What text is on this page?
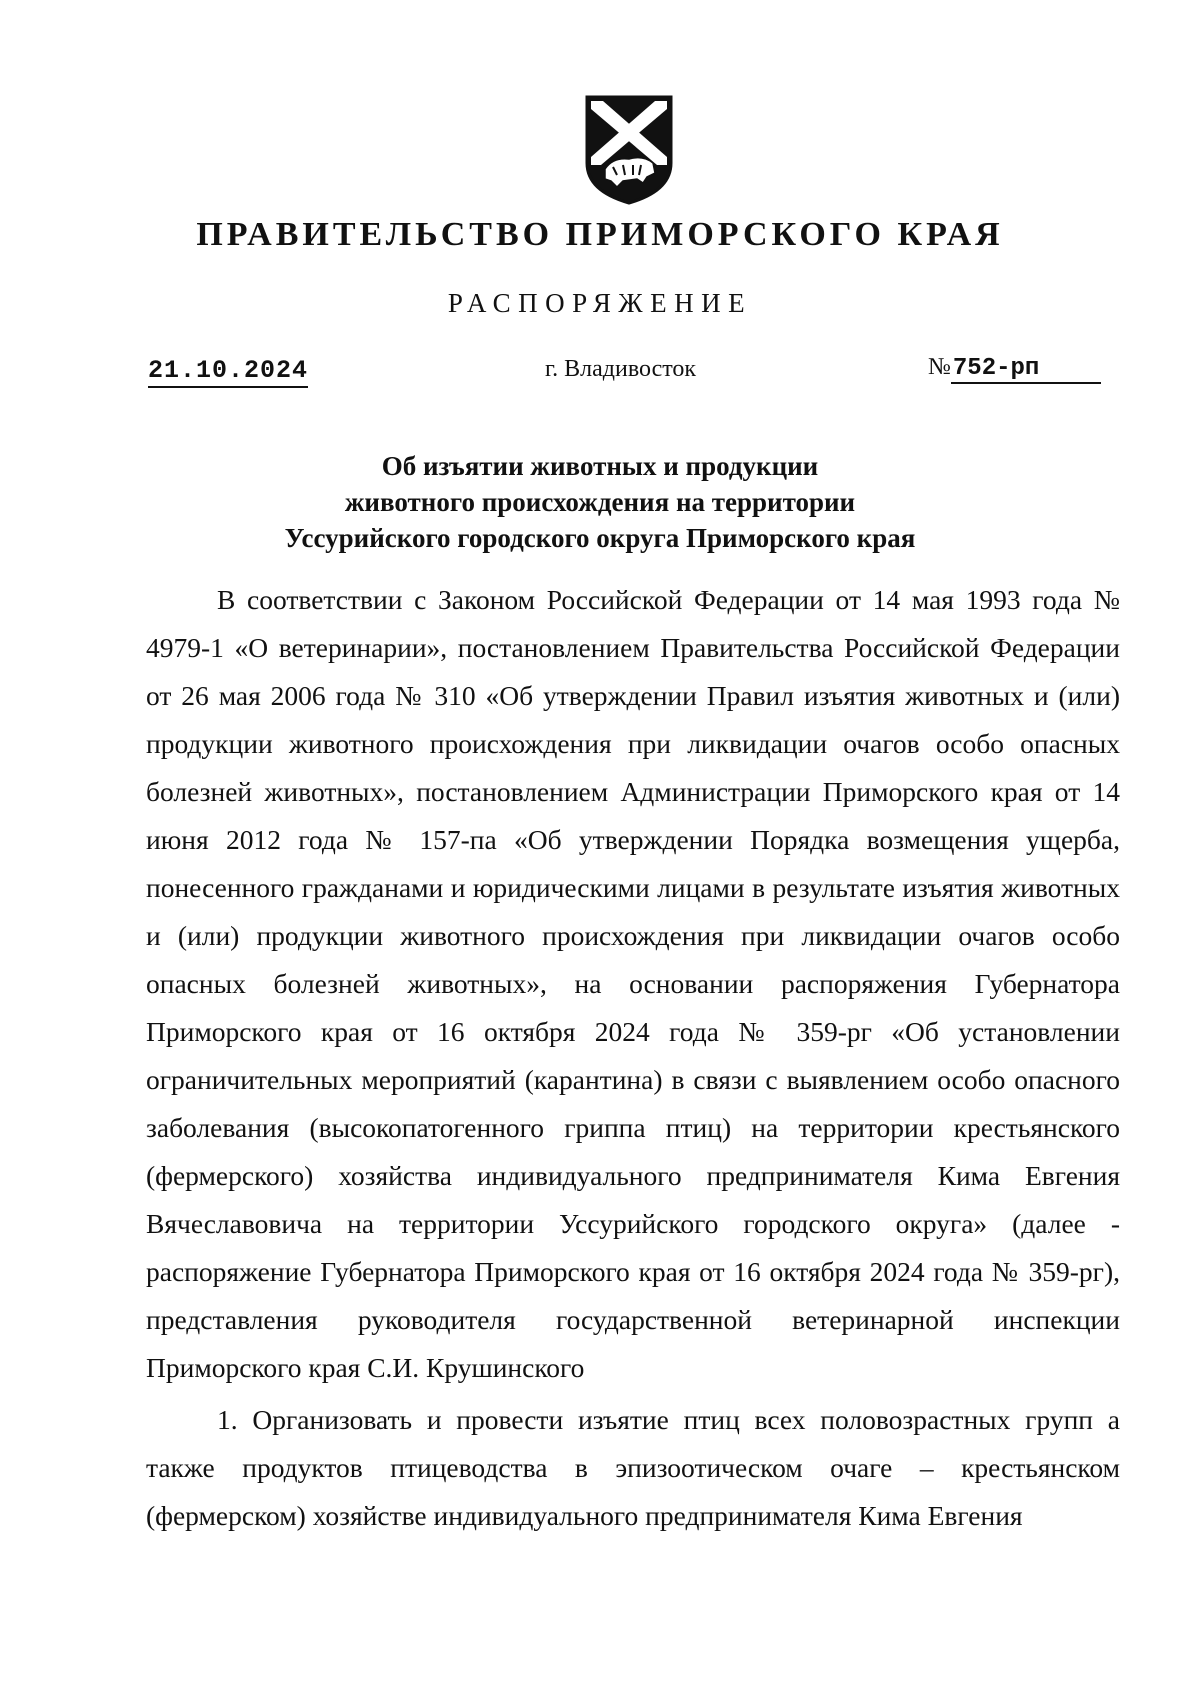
ПРАВИТЕЛЬСТВО ПРИМОРСКОГО КРАЯ
РАСПОРЯЖЕНИЕ
21.10.2024	г. Владивосток	№752-рп
Об изъятии животных и продукции
животного происхождения на территории
Уссурийского городского округа Приморского края

В соответствии с Законом Российской Федерации от 14 мая 1993 года № 4979-1 «О ветеринарии», постановлением Правительства Российской Федерации от 26 мая 2006 года № 310 «Об утверждении Правил изъятия животных и (или) продукции животного происхождения при ликвидации очагов особо опасных болезней животных», постановлением Администрации Приморского края от 14 июня 2012 года № 157-па «Об утверждении Порядка возмещения ущерба, понесенного гражданами и юридическими лицами в результате изъятия животных и (или) продукции животного происхождения при ликвидации очагов особо опасных болезней животных», на основании распоряжения Губернатора Приморского края от 16 октября 2024 года № 359-рг «Об установлении ограничительных мероприятий (карантина) в связи с выявлением особо опасного заболевания (высокопатогенного гриппа птиц) на территории крестьянского (фермерского) хозяйства индивидуального предпринимателя Кима Евгения Вячеславовича на территории Уссурийского городского округа» (далее - распоряжение Губернатора Приморского края от 16 октября 2024 года № 359-рг), представления руководителя государственной ветеринарной инспекции Приморского края С.И. Крушинского

1. Организовать и провести изъятие птиц всех половозрастных групп а также продуктов птицеводства в эпизоотическом очаге – крестьянском (фермерском) хозяйстве индивидуального предпринимателя Кима Евгения
